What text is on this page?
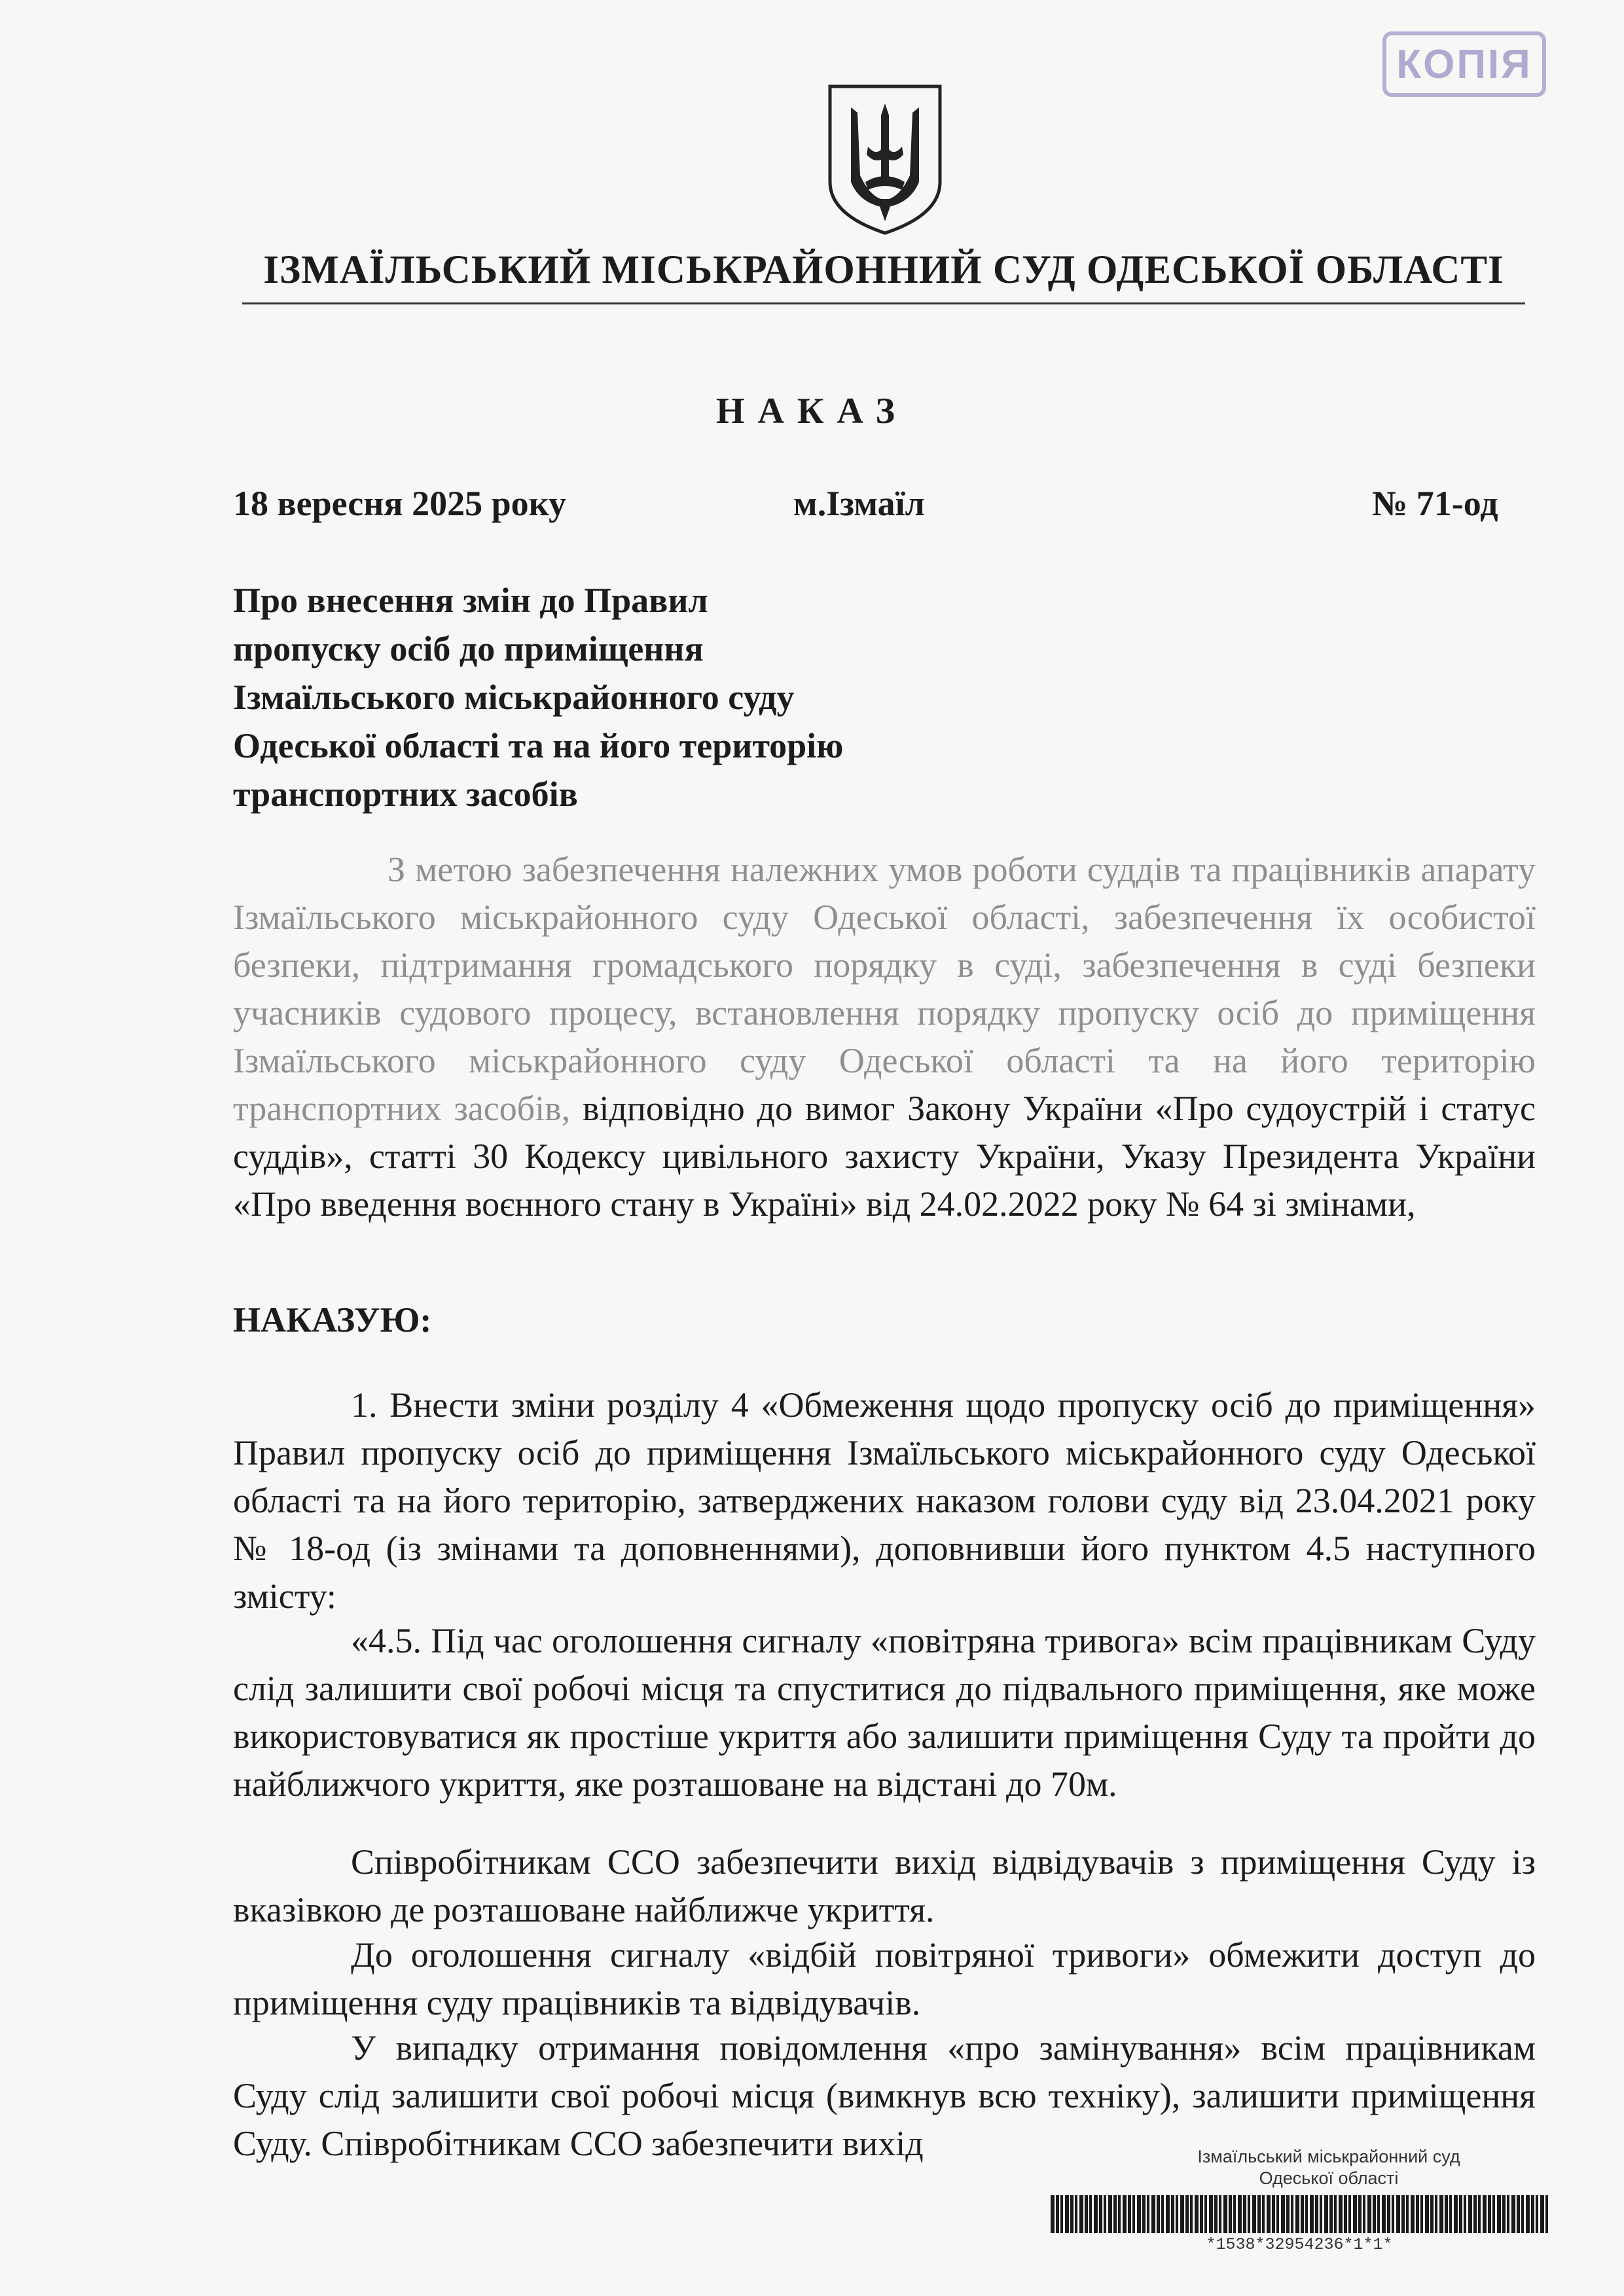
КОПІЯ
ІЗМАЇЛЬСЬКИЙ МІСЬКРАЙОННИЙ СУД ОДЕСЬКОЇ ОБЛАСТІ
НАКАЗ
18 вересня 2025 року	м.Ізмаїл	№ 71-од
Про внесення змін до Правил
пропуску осіб до приміщення
Ізмаїльського міськрайонного суду
Одеської області та на його територію
транспортних засобів
З метою забезпечення належних умов роботи суддів та працівників апарату Ізмаїльського міськрайонного суду Одеської області, забезпечення їх особистої безпеки, підтримання громадського порядку в суді, забезпечення в суді безпеки учасників судового процесу, встановлення порядку пропуску осіб до приміщення Ізмаїльського міськрайонного суду Одеської області та на його територію транспортних засобів, відповідно до вимог Закону України «Про судоустрій і статус суддів», статті 30 Кодексу цивільного захисту України, Указу Президента України «Про введення воєнного стану в Україні» від 24.02.2022 року № 64 зі змінами,
НАКАЗУЮ:
1. Внести зміни розділу 4 «Обмеження щодо пропуску осіб до приміщення» Правил пропуску осіб до приміщення Ізмаїльського міськрайонного суду Одеської області та на його територію, затверджених наказом голови суду від 23.04.2021 року № 18-од (із змінами та доповненнями), доповнивши його пунктом 4.5 наступного змісту:
«4.5. Під час оголошення сигналу «повітряна тривога» всім працівникам Суду слід залишити свої робочі місця та спуститися до підвального приміщення, яке може використовуватися як простіше укриття або залишити приміщення Суду та пройти до найближчого укриття, яке розташоване на відстані до 70м.
Співробітникам ССО забезпечити вихід відвідувачів з приміщення Суду із вказівкою де розташоване найближче укриття.
До оголошення сигналу «відбій повітряної тривоги» обмежити доступ до приміщення суду працівників та відвідувачів.
У випадку отримання повідомлення «про замінування» всім працівникам Суду слід залишити свої робочі місця (вимкнув всю техніку), залишити приміщення Суду. Співробітникам ССО забезпечити вихід	Ізмаїльський міськрайонний суд
Одеської області
*1538*32954236*1*1*
